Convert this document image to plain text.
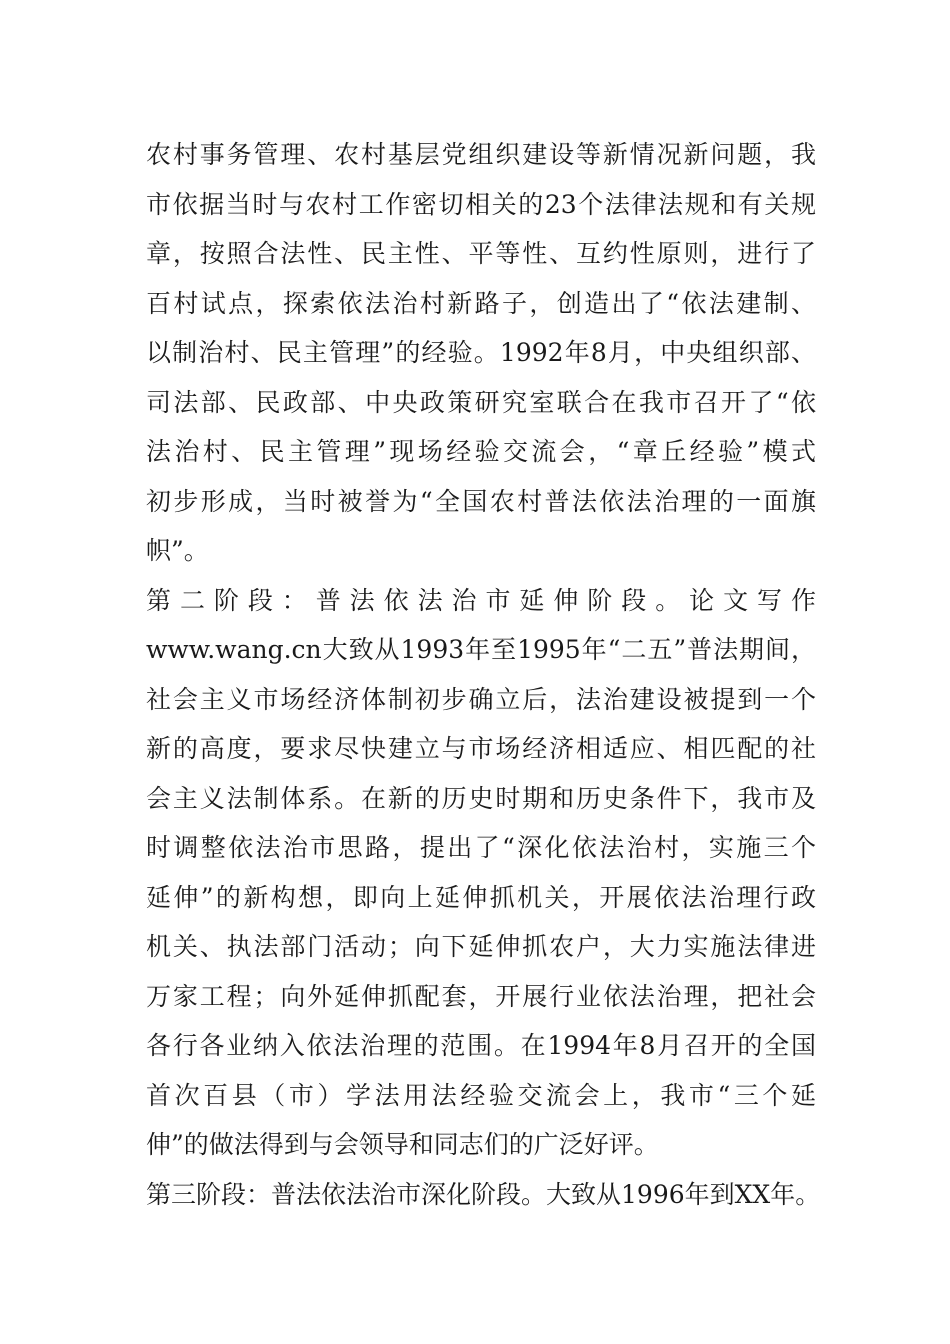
农村事务管理、农村基层党组织建设等新情况新问题，我
市依据当时与农村工作密切相关的23个法律法规和有关规
章，按照合法性、民主性、平等性、互约性原则，进行了
百村试点，探索依法治村新路子，创造出了“依法建制、
以制治村、民主管理”的经验。1992年8月，中央组织部、
司法部、民政部、中央政策研究室联合在我市召开了“依
法治村、民主管理”现场经验交流会，“章丘经验”模式
初步形成，当时被誉为“全国农村普法依法治理的一面旗
帜”。
第二阶段：普法依法治市延伸阶段。论文写作
www.wang.cn大致从1993年至1995年“二五”普法期间，
社会主义市场经济体制初步确立后，法治建设被提到一个
新的高度，要求尽快建立与市场经济相适应、相匹配的社
会主义法制体系。在新的历史时期和历史条件下，我市及
时调整依法治市思路，提出了“深化依法治村，实施三个
延伸”的新构想，即向上延伸抓机关，开展依法治理行政
机关、执法部门活动；向下延伸抓农户，大力实施法律进
万家工程；向外延伸抓配套，开展行业依法治理，把社会
各行各业纳入依法治理的范围。在1994年8月召开的全国
首次百县（市）学法用法经验交流会上，我市“三个延
伸”的做法得到与会领导和同志们的广泛好评。
第三阶段：普法依法治市深化阶段。大致从1996年到XX年。
